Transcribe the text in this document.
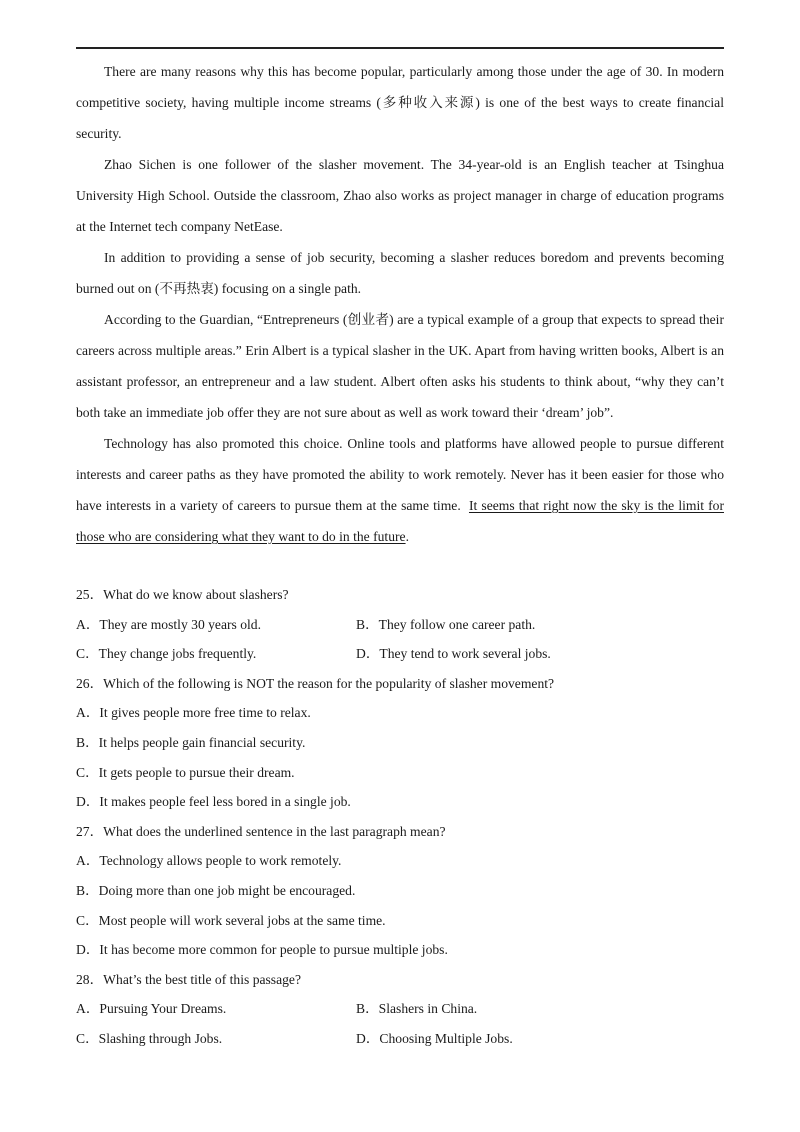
There are many reasons why this has become popular, particularly among those under the age of 30. In modern competitive society, having multiple income streams (多种收入来源) is one of the best ways to create financial security.

Zhao Sichen is one follower of the slasher movement. The 34-year-old is an English teacher at Tsinghua University High School. Outside the classroom, Zhao also works as project manager in charge of education programs at the Internet tech company NetEase.

In addition to providing a sense of job security, becoming a slasher reduces boredom and prevents becoming burned out on (不再热衷) focusing on a single path.

According to the Guardian, “Entrepreneurs (创业者) are a typical example of a group that expects to spread their careers across multiple areas.” Erin Albert is a typical slasher in the UK. Apart from having written books, Albert is an assistant professor, an entrepreneur and a law student. Albert often asks his students to think about, “why they can’t both take an immediate job offer they are not sure about as well as work toward their ‘dream’ job”.

Technology has also promoted this choice. Online tools and platforms have allowed people to pursue different interests and career paths as they have promoted the ability to work remotely. Never has it been easier for those who have interests in a variety of careers to pursue them at the same time. It seems that right now the sky is the limit for those who are considering what they want to do in the future.

25．What do we know about slashers?
A．They are mostly 30 years old.	B．They follow one career path.
C．They change jobs frequently.	D．They tend to work several jobs.
26．Which of the following is NOT the reason for the popularity of slasher movement?
A．It gives people more free time to relax.
B．It helps people gain financial security.
C．It gets people to pursue their dream.
D．It makes people feel less bored in a single job.
27．What does the underlined sentence in the last paragraph mean?
A．Technology allows people to work remotely.
B．Doing more than one job might be encouraged.
C．Most people will work several jobs at the same time.
D．It has become more common for people to pursue multiple jobs.
28．What’s the best title of this passage?
A．Pursuing Your Dreams.	B．Slashers in China.
C．Slashing through Jobs.	D．Choosing Multiple Jobs.
